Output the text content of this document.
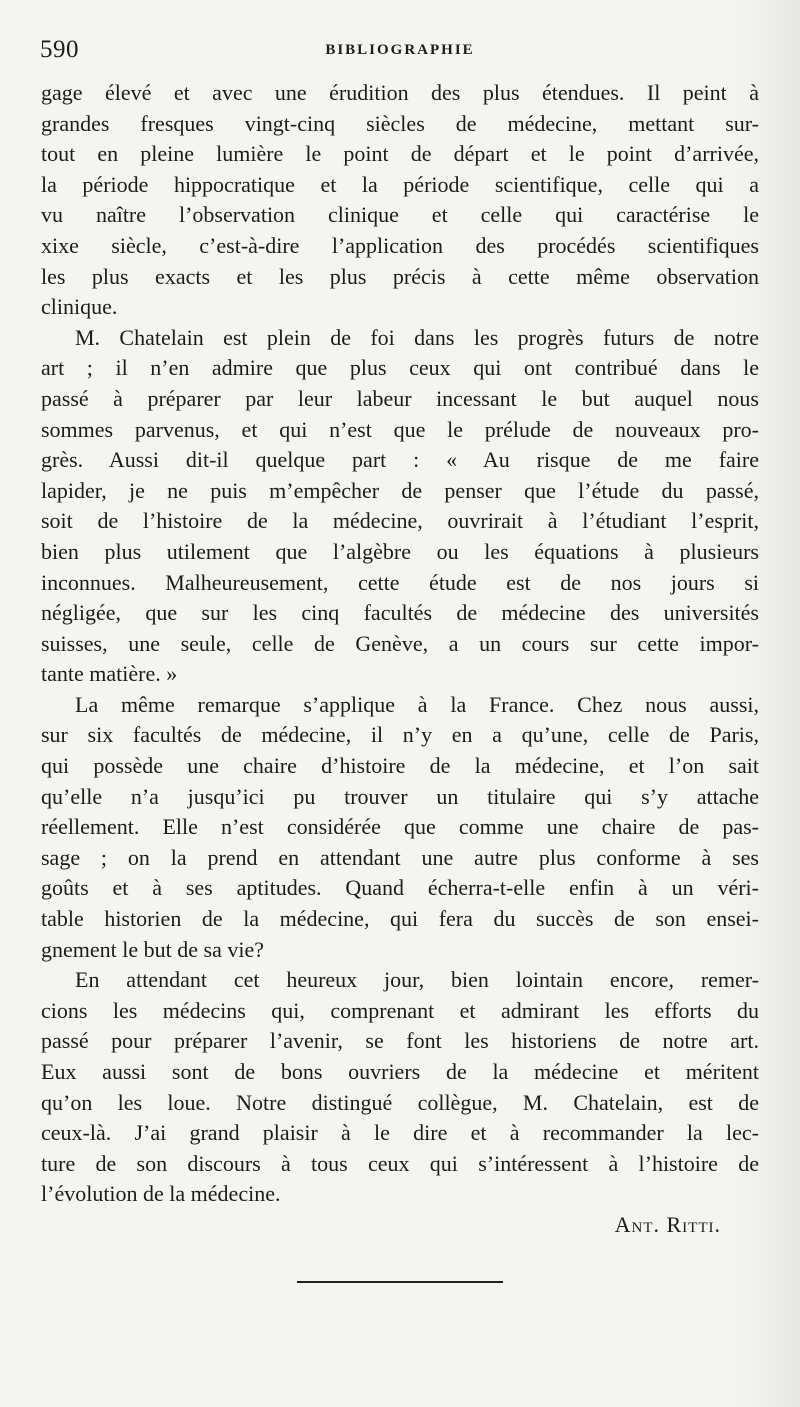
590	BIBLIOGRAPHIE
gage élevé et avec une érudition des plus étendues. Il peint à
grandes fresques vingt-cinq siècles de médecine, mettant sur-
tout en pleine lumière le point de départ et le point d’arrivée,
la période hippocratique et la période scientifique, celle qui a
vu naître l’observation clinique et celle qui caractérise le
xixe siècle, c’est-à-dire l’application des procédés scientifiques
les plus exacts et les plus précis à cette même observation
clinique.
M. Chatelain est plein de foi dans les progrès futurs de notre
art ; il n’en admire que plus ceux qui ont contribué dans le
passé à préparer par leur labeur incessant le but auquel nous
sommes parvenus, et qui n’est que le prélude de nouveaux pro-
grès. Aussi dit-il quelque part : « Au risque de me faire
lapider, je ne puis m’empêcher de penser que l’étude du passé,
soit de l’histoire de la médecine, ouvrirait à l’étudiant l’esprit,
bien plus utilement que l’algèbre ou les équations à plusieurs
inconnues. Malheureusement, cette étude est de nos jours si
négligée, que sur les cinq facultés de médecine des universités
suisses, une seule, celle de Genève, a un cours sur cette impor-
tante matière. »
La même remarque s’applique à la France. Chez nous aussi,
sur six facultés de médecine, il n’y en a qu’une, celle de Paris,
qui possède une chaire d’histoire de la médecine, et l’on sait
qu’elle n’a jusqu’ici pu trouver un titulaire qui s’y attache
réellement. Elle n’est considérée que comme une chaire de pas-
sage ; on la prend en attendant une autre plus conforme à ses
goûts et à ses aptitudes. Quand écherra-t-elle enfin à un véri-
table historien de la médecine, qui fera du succès de son ensei-
gnement le but de sa vie?
En attendant cet heureux jour, bien lointain encore, remer-
cions les médecins qui, comprenant et admirant les efforts du
passé pour préparer l’avenir, se font les historiens de notre art.
Eux aussi sont de bons ouvriers de la médecine et méritent
qu’on les loue. Notre distingué collègue, M. Chatelain, est de
ceux-là. J’ai grand plaisir à le dire et à recommander la lec-
ture de son discours à tous ceux qui s’intéressent à l’histoire de
l’évolution de la médecine.
Ant. Ritti.
